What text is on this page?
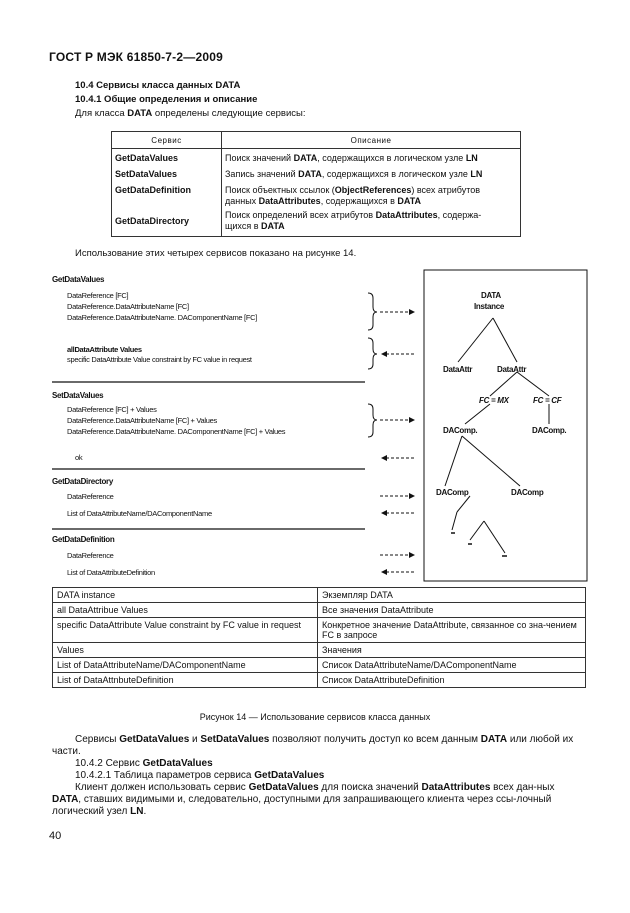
ГОСТ Р МЭК 61850-7-2—2009
10.4 Сервисы класса данных DATA
10.4.1 Общие определения и описание
Для класса DATA определены следующие сервисы:
Сервис	Описание
GetDataValues	Поиск значений DATA, содержащихся в логическом узле LN
SetDataValues	Запись значений DATA, содержащихся в логическом узле LN
GetDataDefinition	Поиск объектных ссылок (ObjectReferences) всех атрибутов
данных DataAttributes, содержащихся в DATA
GetDataDirectory	Поиск определений всех атрибутов DataAttributes, содержа-
щихся в DATA
Использование этих четырех сервисов показано на рисунке 14.
GetDataValues
DataReference [FC]
DataReference.DataAttributeName [FC]
DataReference.DataAttributeName. DAComponentName [FC]
allDataAttribute Values
specific DataAttribute Value constraint by FC value in request
SetDataValues
DataReference [FC] + Values
DataReference.DataAttributeName [FC] + Values
DataReference.DataAttributeName. DAComponentName [FC] + Values
ok
GetDataDirectory
DataReference
List of DataAttributeName/DAComponentName
GetDataDefinition
DataReference
List of DataAttributeDefinition
DATA
Instance
DataAttr	DataAttr
FC = MX	FC = CF
DAComp.	DAComp.
DAComp	DAComp
DATA instance	Экземпляр DATA
all DataAttribue Values	Все значения DataAttribute
specific DataAttribute Value constraint by FC value in request	Конкретное значение DataAttribute, связанное со зна-чением FC в запросе
Values	Значения
List of DataAttributeName/DAComponentName	Список DataAttributeName/DAComponentName
List of DataAttnbuteDefinition	Список DataAttributeDefinition
Рисунок 14 — Использование сервисов класса данных
Сервисы GetDataValues и SetDataValues позволяют получить доступ ко всем данным DATA или любой их части.
10.4.2 Сервис GetDataValues
10.4.2.1 Таблица параметров сервиса GetDataValues
Клиент должен использовать сервис GetDataValues для поиска значений DataAttributes всех дан-ных DATA, ставших видимыми и, следовательно, доступными для запрашивающего клиента через ссы-лочный логический узел LN.
40
